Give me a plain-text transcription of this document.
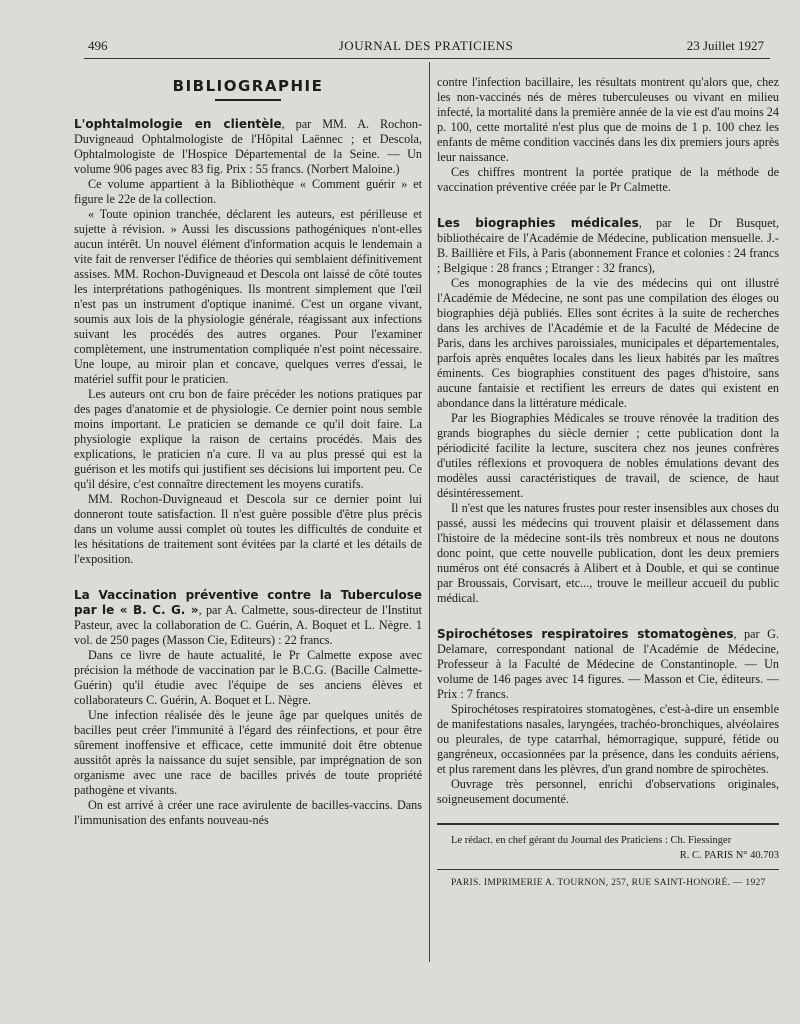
496	JOURNAL DES PRATICIENS	23 Juillet 1927
BIBLIOGRAPHIE

L'ophtalmologie en clientèle, par MM. A. Rochon-Duvigneaud Ophtalmologiste de l'Hôpital Laënnec ; et Descola, Ophtalmologiste de l'Hospice Départemental de la Seine. — Un volume 906 pages avec 83 fig. Prix : 55 francs. (Norbert Maloine.)

Ce volume appartient à la Bibliothèque « Comment guérir » et figure le 22e de la collection.

« Toute opinion tranchée, déclarent les auteurs, est périlleuse et sujette à révision. » Aussi les discussions pathogéniques n'ont-elles aucun intérêt. Un nouvel élément d'information acquis le lendemain a vite fait de renverser l'édifice de théories qui semblaient définitivement assises. MM. Rochon-Duvigneaud et Descola ont laissé de côté toutes les interprétations pathogéniques. Ils montrent simplement que l'œil n'est pas un instrument d'optique inanimé. C'est un organe vivant, soumis aux lois de la physiologie générale, réagissant aux infections suivant les procédés des autres organes. Pour l'examiner complètement, une instrumentation compliquée n'est point nécessaire. Une loupe, au miroir plan et concave, quelques verres d'essai, le matériel suffit pour le praticien.

Les auteurs ont cru bon de faire précéder les notions pratiques par des pages d'anatomie et de physiologie. Ce dernier point nous semble moins important. Le praticien se demande ce qu'il doit faire. La physiologie explique la raison de certains procédés. Mais des explications, le praticien n'a cure. Il va au plus pressé qui est la guérison et les motifs qui justifient ses décisions lui importent peu. Ce qu'il désire, c'est connaître directement les moyens curatifs.

MM. Rochon-Duvigneaud et Descola sur ce dernier point lui donneront toute satisfaction. Il n'est guère possible d'être plus précis dans un volume aussi complet où toutes les difficultés de conduite et les hésitations de traitement sont évitées par la clarté et les détails de l'exposition.

La Vaccination préventive contre la Tuberculose par le « B. C. G. », par A. Calmette, sous-directeur de l'Institut Pasteur, avec la collaboration de C. Guérin, A. Boquet et L. Nègre. 1 vol. de 250 pages (Masson Cie, Editeurs) : 22 francs.

Dans ce livre de haute actualité, le Pr Calmette expose avec précision la méthode de vaccination par le B.C.G. (Bacille Calmette-Guérin) qu'il étudie avec l'équipe de ses anciens élèves et collaborateurs C. Guérin, A. Boquet et L. Nègre.

Une infection réalisée dès le jeune âge par quelques unités de bacilles peut créer l'immunité à l'égard des réinfections, et pour être sûrement inoffensive et efficace, cette immunité doit être obtenue aussitôt après la naissance du sujet sensible, par imprégnation de son organisme avec une race de bacilles privés de toute propriété pathogène et vivants.

On est arrivé à créer une race avirulente de bacilles-vaccins. Dans l'immunisation des enfants nouveau-nés

contre l'infection bacillaire, les résultats montrent qu'alors que, chez les non-vaccinés nés de mères tuberculeuses ou vivant en milieu infecté, la mortalité dans la première année de la vie est d'au moins 24 p. 100, cette mortalité n'est plus que de moins de 1 p. 100 chez les enfants de même condition vaccinés dans les dix premiers jours après leur naissance.

Ces chiffres montrent la portée pratique de la méthode de vaccination préventive créée par le Pr Calmette.

Les biographies médicales, par le Dr Busquet, bibliothécaire de l'Académie de Médecine, publication mensuelle. J.-B. Baillière et Fils, à Paris (abonnement France et colonies : 24 francs ; Belgique : 28 francs ; Etranger : 32 francs),

Ces monographies de la vie des médecins qui ont illustré l'Académie de Médecine, ne sont pas une compilation des éloges ou biographies déjà publiés. Elles sont écrites à la suite de recherches dans les archives de l'Académie et de la Faculté de Médecine de Paris, dans les archives paroissiales, municipales et départementales, parfois après enquêtes locales dans les lieux habités par les maîtres éminents. Ces biographies constituent des pages d'histoire, sans aucune fantaisie et rectifient les erreurs de dates qui existent en abondance dans la littérature médicale.

Par les Biographies Médicales se trouve rénovée la tradition des grands biographes du siècle dernier ; cette publication dont la périodicité facilite la lecture, suscitera chez nos jeunes confrères d'utiles réflexions et provoquera de nobles émulations devant des modèles aussi caractéristiques de travail, de science, de haut désintéressement.

Il n'est que les natures frustes pour rester insensibles aux choses du passé, aussi les médecins qui trouvent plaisir et délassement dans l'histoire de la médecine sont-ils très nombreux et nous ne doutons donc point, que cette nouvelle publication, dont les deux premiers numéros ont été consacrés à Alibert et à Double, et qui se continue par Broussais, Corvisart, etc..., trouve le meilleur accueil du public médical.

Spirochétoses respiratoires stomatogènes, par G. Delamare, correspondant national de l'Académie de Médecine, Professeur à la Faculté de Médecine de Constantinople. — Un volume de 146 pages avec 14 figures. — Masson et Cie, éditeurs. — Prix : 7 francs.

Spirochétoses respiratoires stomatogènes, c'est-à-dire un ensemble de manifestations nasales, laryngées, trachéo-bronchiques, alvéolaires ou pleurales, de type catarrhal, hémorragique, suppuré, fétide ou gangréneux, occasionnées par la présence, dans les conduits aériens, et plus rarement dans les plèvres, d'un grand nombre de spirochètes.

Ouvrage très personnel, enrichi d'observations originales, soigneusement documenté.

Le rédact. en chef gérant du Journal des Praticiens : Ch. Fiessinger

R. C. PARIS N° 40.703

PARIS. IMPRIMERIE A. TOURNON, 257, RUE SAINT-HONORÉ. — 1927
